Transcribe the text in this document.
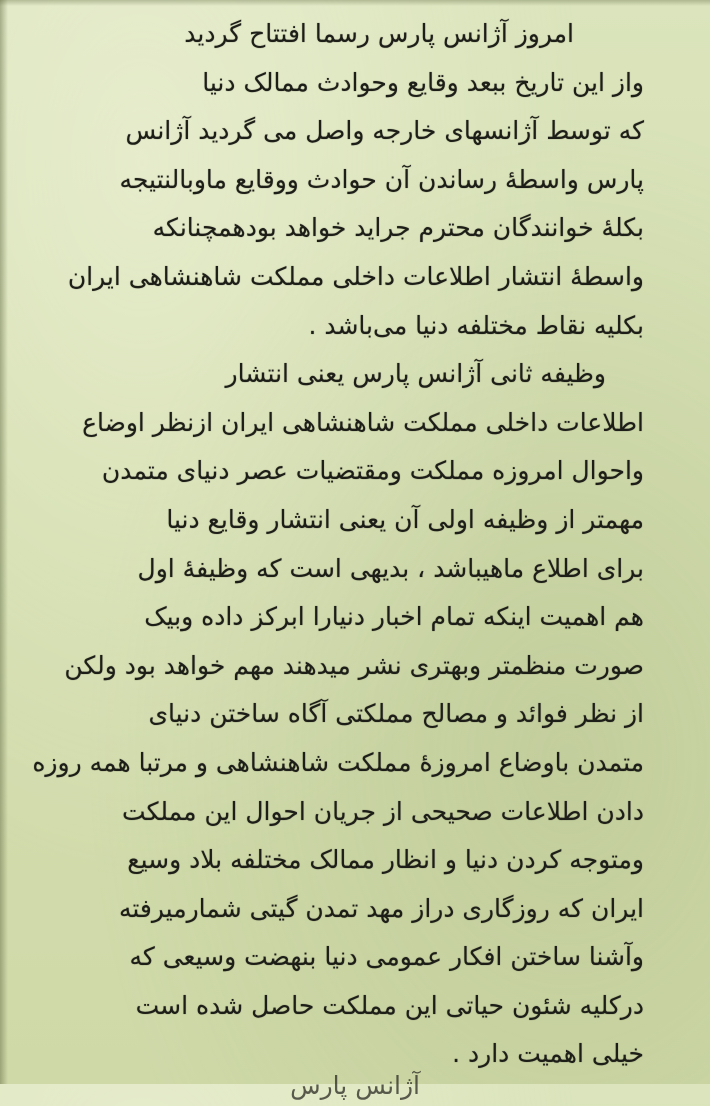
امروز آژانس پارس رسما افتتاح گردید
واز این تاریخ ببعد وقایع وحوادث ممالک دنیا
که توسط آژانسهای خارجه واصل می گردید آژانس
پارس واسطهٔ رساندن آن حوادث ووقایع ماوبالنتیجه
بکلهٔ خوانندگان محترم جراید خواهد بودهمچنانکه
واسطهٔ انتشار اطلاعات داخلی مملکت شاهنشاهی ایران
بکلیه نقاط مختلفه دنیا می‌باشد .
وظیفه ثانی آژانس پارس یعنی انتشار
اطلاعات داخلی مملکت شاهنشاهی ایران ازنظر اوضاع
واحوال امروزه مملکت ومقتضیات عصر دنیای متمدن
مهمتر از وظیفه اولی آن یعنی انتشار وقایع دنیا
برای اطلاع ماهیباشد ، بدیهی است که وظیفهٔ اول
هم اهمیت اینکه تمام اخبار دنیارا ابرکز داده وبیک
صورت منظمتر وبهتری نشر میدهند مهم خواهد بود ولکن
از نظر فوائد و مصالح مملکتی آگاه ساختن دنیای
متمدن باوضاع امروزهٔ مملکت شاهنشاهی و مرتبا همه روزه
دادن اطلاعات صحیحی از جریان احوال این مملکت
ومتوجه کردن دنیا و انظار ممالک مختلفه بلاد وسیع
ایران که روزگاری دراز مهد تمدن گیتی شمارمیرفته
وآشنا ساختن افکار عمومی دنیا بنهضت وسیعی که
درکلیه شئون حیاتی این مملکت حاصل شده است
خیلی اهمیت دارد .
آژانس پارس
